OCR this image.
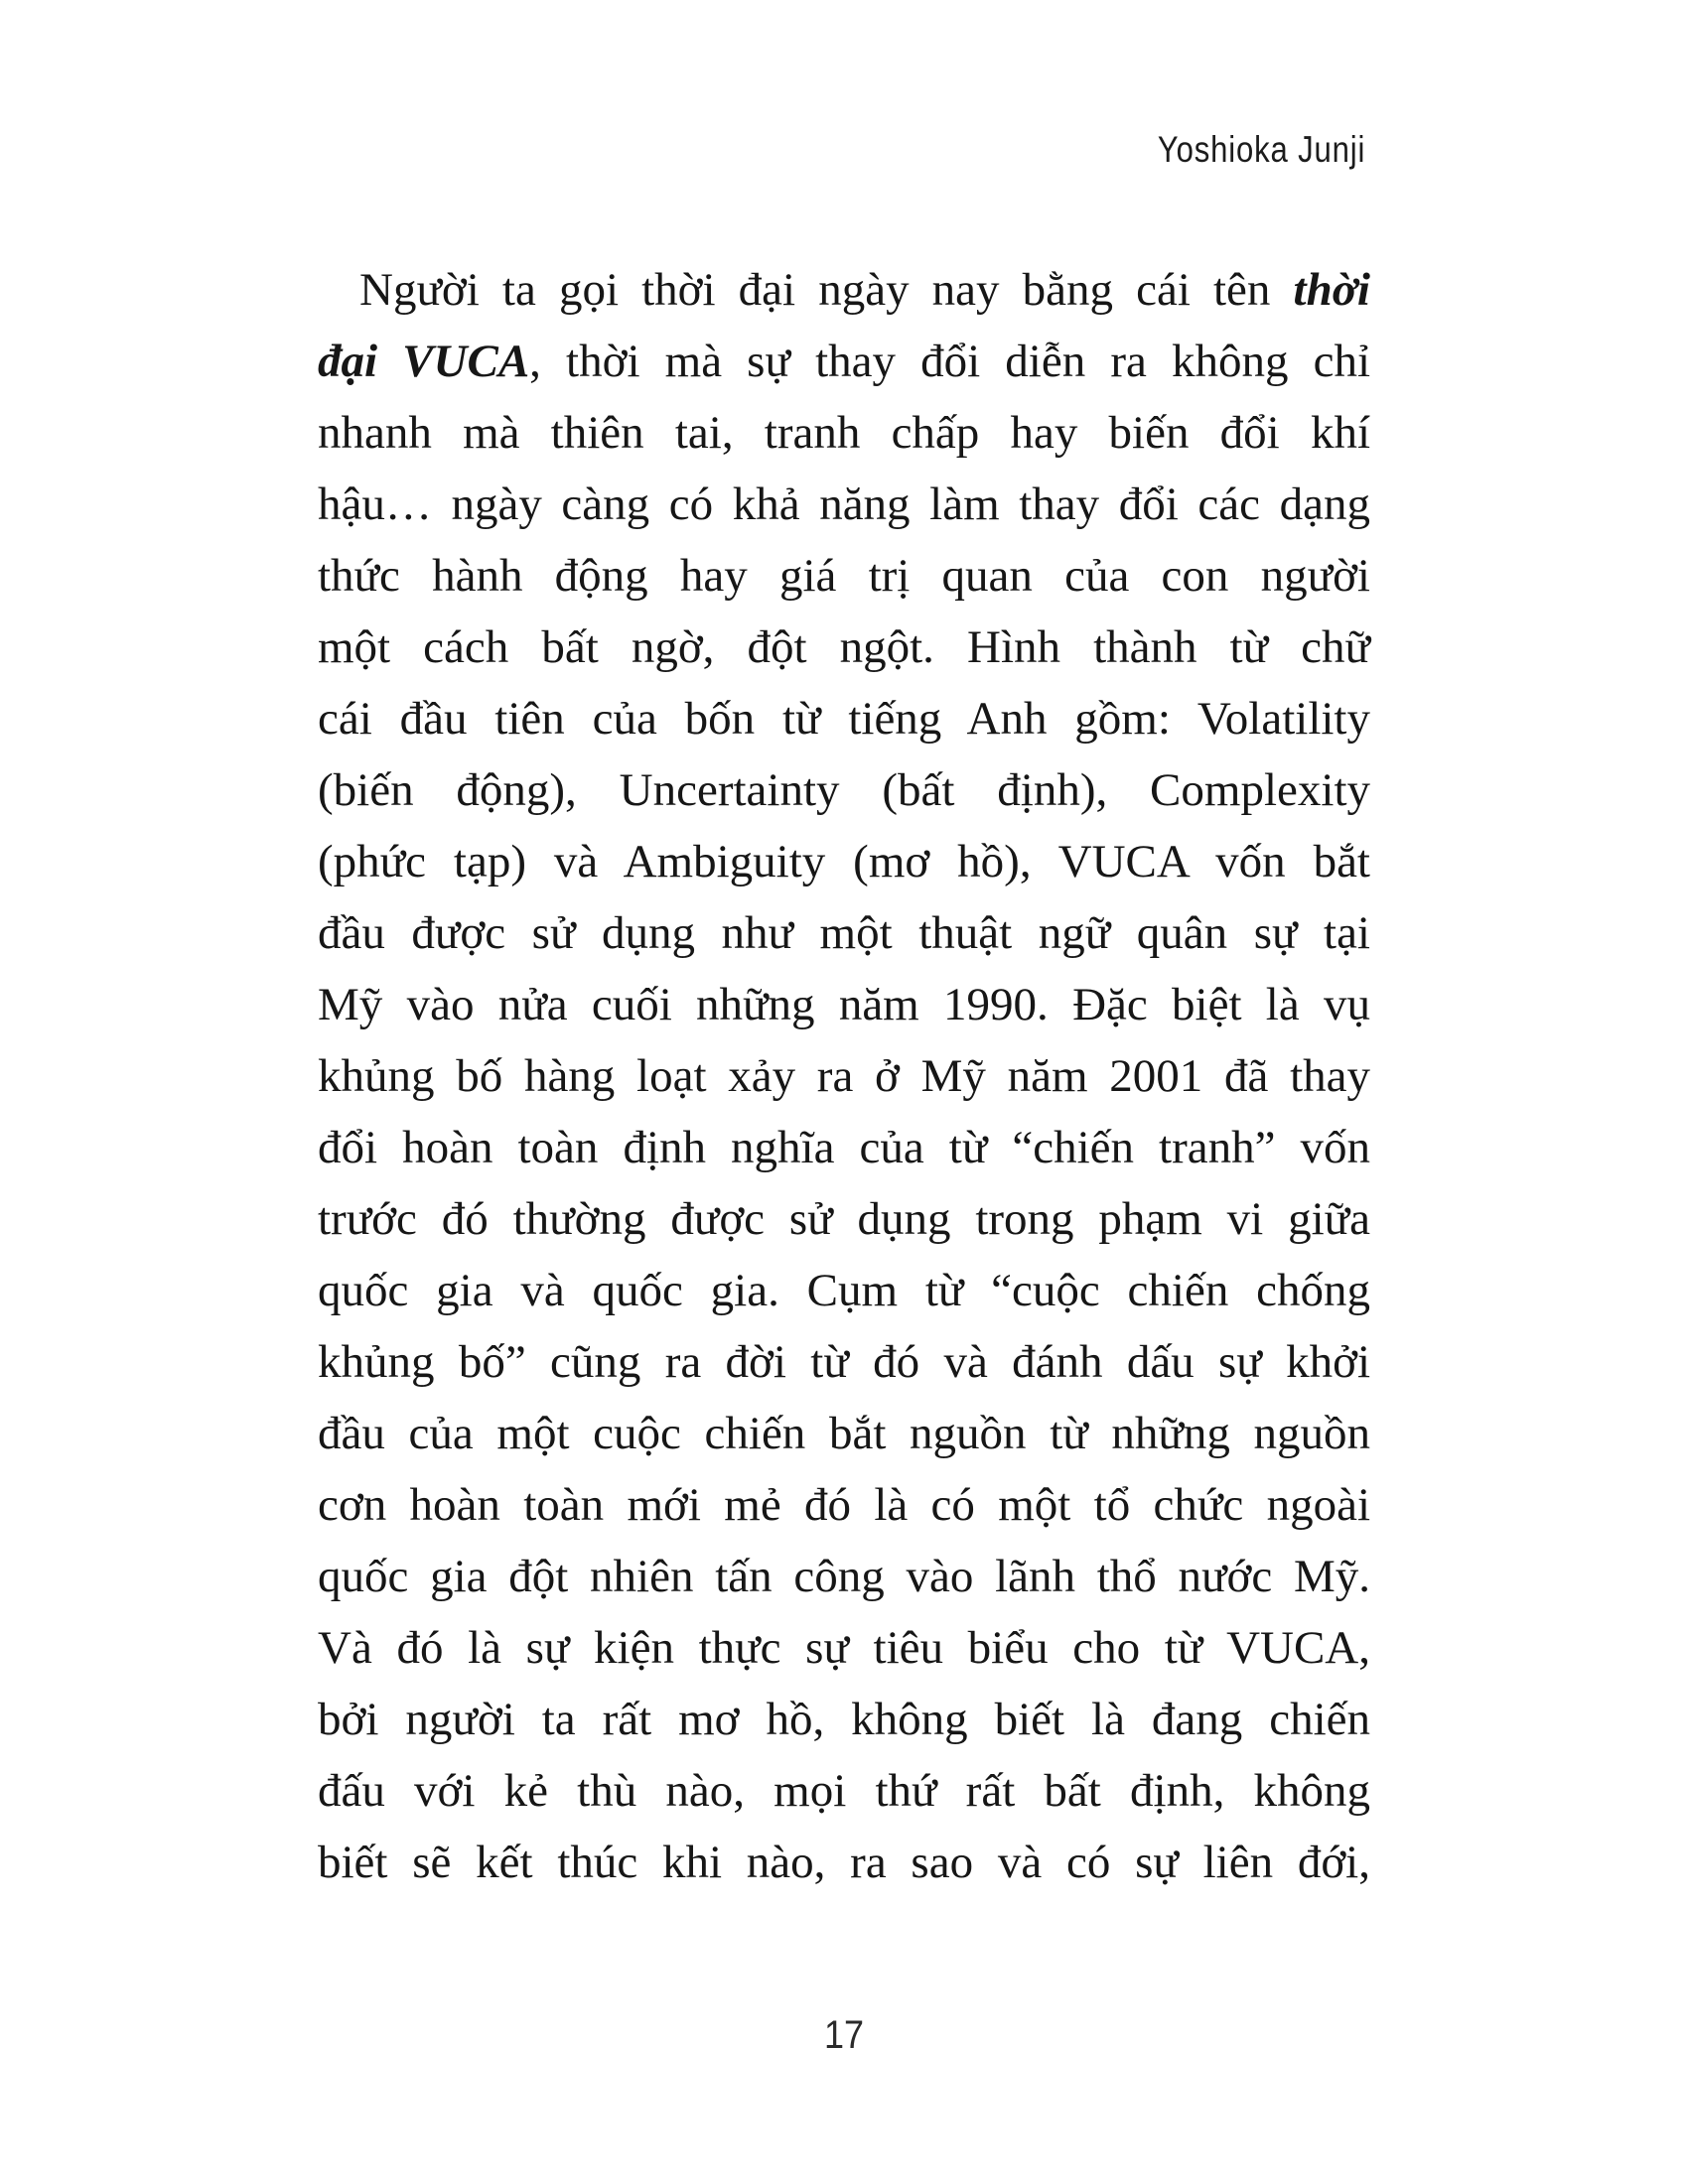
Yoshioka Junji
Người ta gọi thời đại ngày nay bằng cái tên thời
đại VUCA, thời mà sự thay đổi diễn ra không chỉ
nhanh mà thiên tai, tranh chấp hay biến đổi khí
hậu… ngày càng có khả năng làm thay đổi các dạng
thức hành động hay giá trị quan của con người
một cách bất ngờ, đột ngột. Hình thành từ chữ
cái đầu tiên của bốn từ tiếng Anh gồm: Volatility
(biến động), Uncertainty (bất định), Complexity
(phức tạp) và Ambiguity (mơ hồ), VUCA vốn bắt
đầu được sử dụng như một thuật ngữ quân sự tại
Mỹ vào nửa cuối những năm 1990. Đặc biệt là vụ
khủng bố hàng loạt xảy ra ở Mỹ năm 2001 đã thay
đổi hoàn toàn định nghĩa của từ “chiến tranh” vốn
trước đó thường được sử dụng trong phạm vi giữa
quốc gia và quốc gia. Cụm từ “cuộc chiến chống
khủng bố” cũng ra đời từ đó và đánh dấu sự khởi
đầu của một cuộc chiến bắt nguồn từ những nguồn
cơn hoàn toàn mới mẻ đó là có một tổ chức ngoài
quốc gia đột nhiên tấn công vào lãnh thổ nước Mỹ.
Và đó là sự kiện thực sự tiêu biểu cho từ VUCA,
bởi người ta rất mơ hồ, không biết là đang chiến
đấu với kẻ thù nào, mọi thứ rất bất định, không
biết sẽ kết thúc khi nào, ra sao và có sự liên đới,
17
